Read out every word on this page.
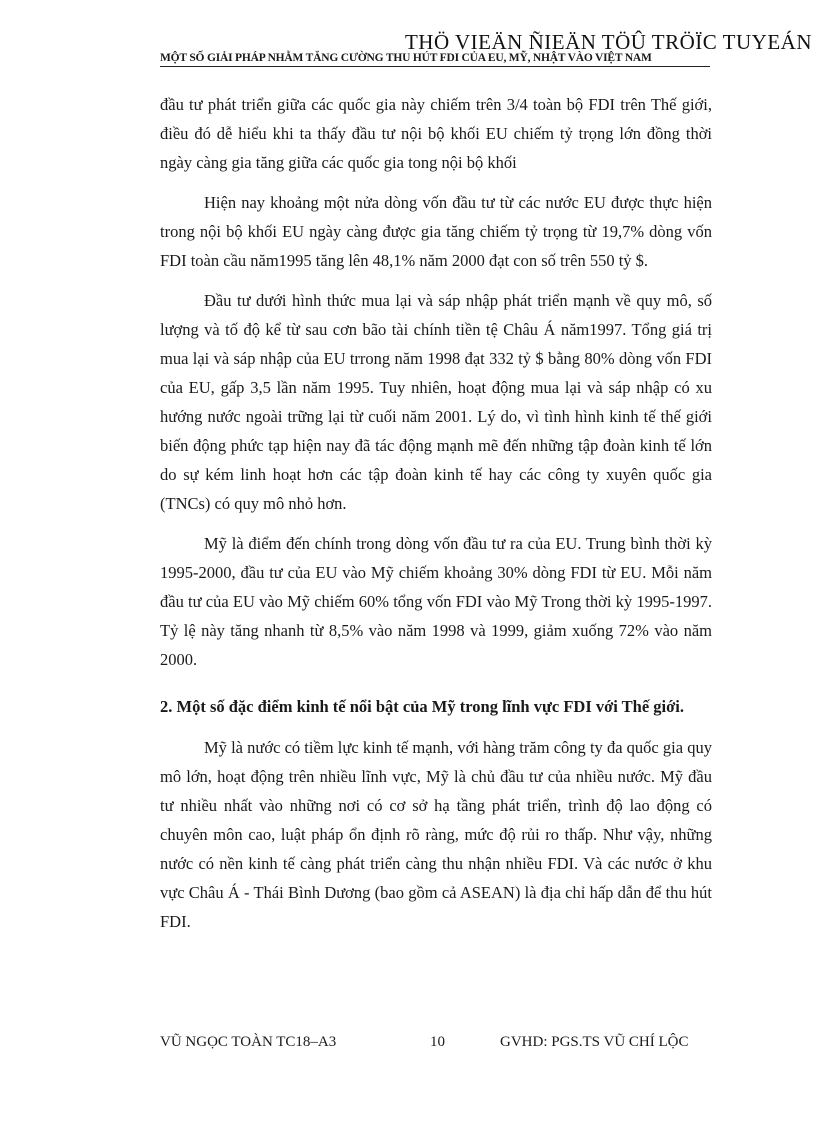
THÖ VIEÄN ÑIEÄN TÖÛ TRÖÏC TUYEÁN
MỘT SỐ GIẢI PHÁP NHẰM TĂNG CƯỜNG THU HÚT FDI CỦA EU, MỸ, NHẬT VÀO VIỆT NAM

đầu tư phát triển giữa các quốc gia này chiếm trên 3/4 toàn bộ FDI trên Thế giới, điều đó dễ hiểu khi ta thấy đầu tư nội bộ khối EU chiếm tỷ trọng lớn đồng thời ngày càng gia tăng giữa các quốc gia tong nội bộ khối

Hiện nay khoảng một nửa dòng vốn đầu tư từ các nước EU được thực hiện trong nội bộ khối EU ngày càng được gia tăng chiếm tỷ trọng từ 19,7% dòng vốn FDI toàn cầu năm1995 tăng lên 48,1% năm 2000 đạt con số trên 550 tỷ $.

Đầu tư dưới hình thức mua lại và sáp nhập phát triển mạnh về quy mô, số lượng và tố độ kể từ sau cơn bão tài chính tiền tệ Châu Á năm1997. Tổng giá trị mua lại và sáp nhập của EU trrong năm 1998 đạt 332 tỷ $ bằng 80% dòng vốn FDI của EU, gấp 3,5 lần năm 1995. Tuy nhiên, hoạt động mua lại và sáp nhập có xu hướng nước ngoài trững lại từ cuối năm 2001. Lý do, vì tình hình kinh tế thế giới biến động phức tạp hiện nay đã tác động mạnh mẽ đến những tập đoàn kinh tế lớn do sự kém linh hoạt hơn các tập đoàn kinh tế hay các công ty xuyên quốc gia (TNCs) có quy mô nhỏ hơn.

Mỹ là điểm đến chính trong dòng vốn đầu tư ra của EU. Trung bình thời kỳ 1995-2000, đầu tư của EU vào Mỹ chiếm khoảng 30% dòng FDI từ EU. Mỗi năm đầu tư của EU vào Mỹ chiếm 60% tổng vốn FDI vào Mỹ Trong thời kỳ 1995-1997. Tỷ lệ này tăng nhanh từ 8,5% vào năm 1998 và 1999, giảm xuống 72% vào năm 2000.

2. Một số đặc điểm kinh tế nổi bật của Mỹ trong lĩnh vực FDI với Thế giới.

Mỹ là nước có tiềm lực kinh tế mạnh, với hàng trăm công ty đa quốc gia quy mô lớn, hoạt động trên nhiều lĩnh vực, Mỹ là chủ đầu tư của nhiều nước. Mỹ đầu tư nhiều nhất vào những nơi có cơ sở hạ tầng phát triển, trình độ lao động có chuyên môn cao, luật pháp ổn định rõ ràng, mức độ rủi ro thấp. Như vậy, những nước có nền kinh tế càng phát triển càng thu nhận nhiều FDI. Và các nước ở khu vực Châu Á - Thái Bình Dương (bao gồm cả ASEAN) là địa chỉ hấp dẫn để thu hút FDI.

VŨ NGỌC TOÀN TC18–A3	10	GVHD: PGS.TS VŨ CHÍ LỘC
